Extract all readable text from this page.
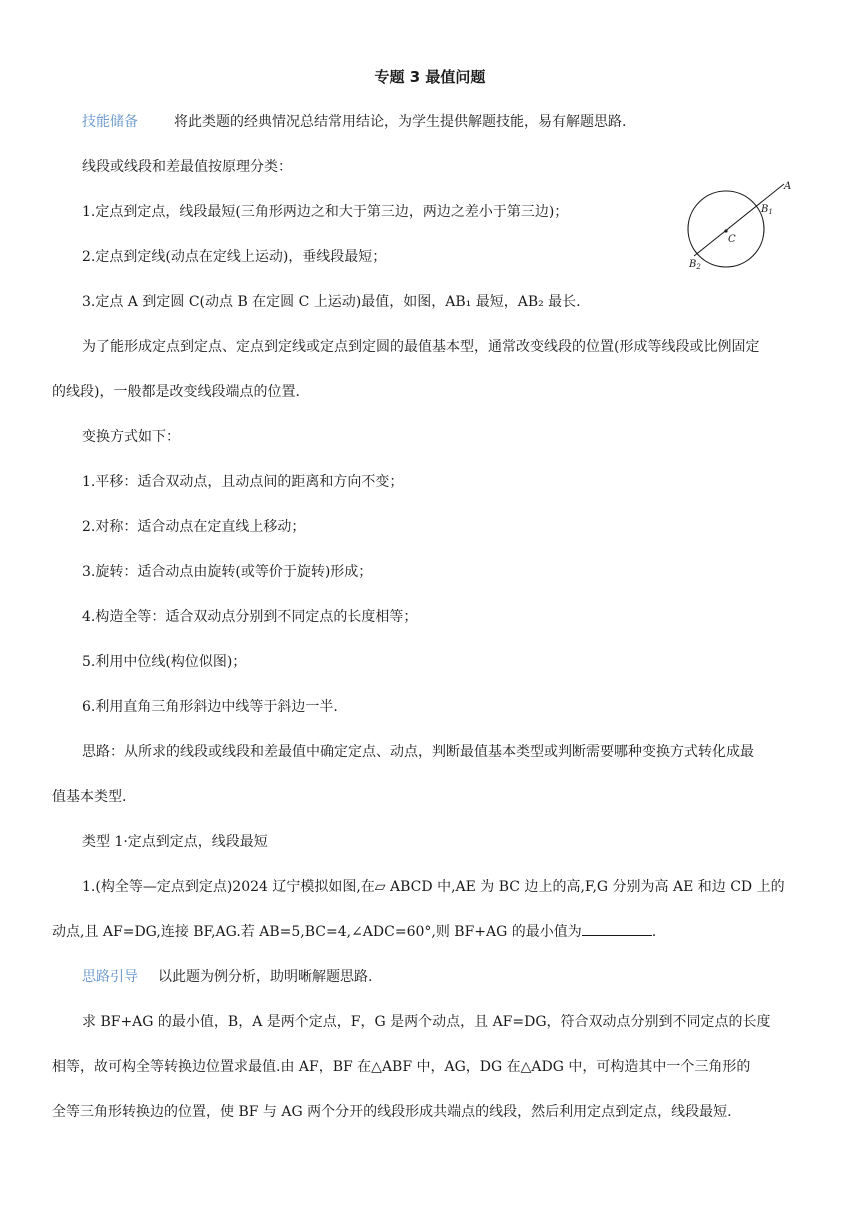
专题 3 最值问题
技能储备	将此类题的经典情况总结常用结论，为学生提供解题技能，易有解题思路.
线段或线段和差最值按原理分类：
1.定点到定点，线段最短(三角形两边之和大于第三边，两边之差小于第三边)；
2.定点到定线(动点在定线上运动)，垂线段最短；
3.定点 A 到定圆 C(动点 B 在定圆 C 上运动)最值，如图，AB₁ 最短，AB₂ 最长.
A
$B_1$
C
$B_2$
为了能形成定点到定点、定点到定线或定点到定圆的最值基本型，通常改变线段的位置(形成等线段或比例固定
的线段)，一般都是改变线段端点的位置.
变换方式如下：
1.平移：适合双动点，且动点间的距离和方向不变；
2.对称：适合动点在定直线上移动；
3.旋转：适合动点由旋转(或等价于旋转)形成；
4.构造全等：适合双动点分别到不同定点的长度相等；
5.利用中位线(构位似图)；
6.利用直角三角形斜边中线等于斜边一半.
思路：从所求的线段或线段和差最值中确定定点、动点，判断最值基本类型或判断需要哪种变换方式转化成最
值基本类型.
类型 1·定点到定点，线段最短
1.(构全等—定点到定点)2024 辽宁模拟如图,在▱ ABCD 中,AE 为 BC 边上的高,F,G 分别为高 AE 和边 CD 上的
动点,且 AF=DG,连接 BF,AG.若 AB=5,BC=4,∠ADC=60°,则 BF+AG 的最小值为	.
思路引导 以此题为例分析，助明晰解题思路.
求 BF+AG 的最小值，B，A 是两个定点，F，G 是两个动点，且 AF=DG，符合双动点分别到不同定点的长度
相等，故可构全等转换边位置求最值.由 AF，BF 在△ABF 中，AG，DG 在△ADG 中，可构造其中一个三角形的
全等三角形转换边的位置，使 BF 与 AG 两个分开的线段形成共端点的线段，然后利用定点到定点，线段最短.
